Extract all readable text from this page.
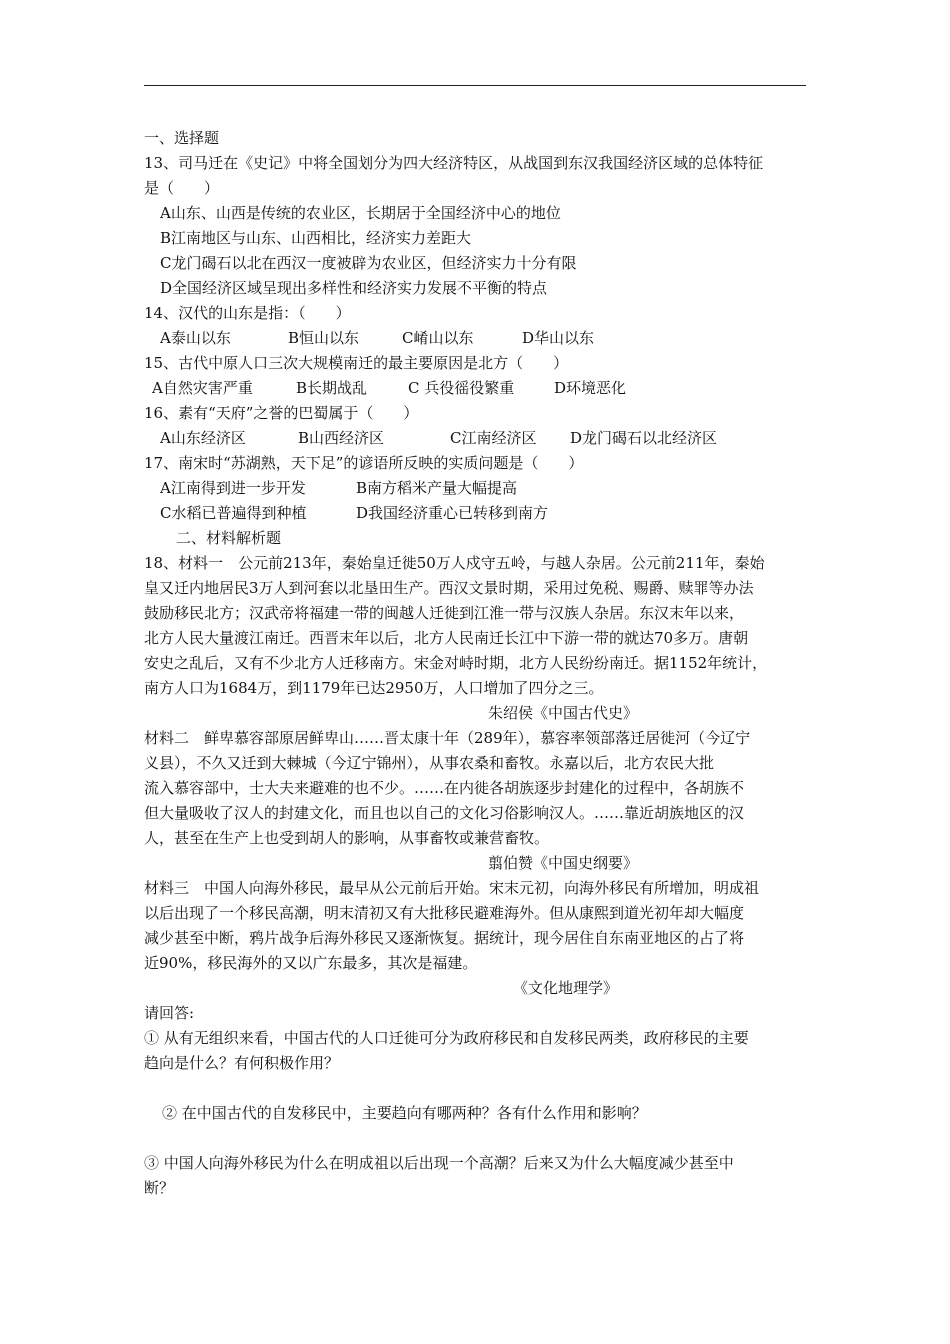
一、选择题
13、司马迁在《史记》中将全国划分为四大经济特区，从战国到东汉我国经济区域的总体特征
是（　　）
A山东、山西是传统的农业区，长期居于全国经济中心的地位
B江南地区与山东、山西相比，经济实力差距大
C龙门碣石以北在西汉一度被辟为农业区，但经济实力十分有限
D全国经济区域呈现出多样性和经济实力发展不平衡的特点
14、汉代的山东是指：（　　）
A泰山以东	B恒山以东	C崤山以东	D华山以东
15、古代中原人口三次大规模南迁的最主要原因是北方（　　）
A自然灾害严重	B长期战乱	C 兵役徭役繁重	D环境恶化
16、素有“天府”之誉的巴蜀属于（　　）
A山东经济区	B山西经济区	C江南经济区 D龙门碣石以北经济区
17、南宋时“苏湖熟，天下足”的谚语所反映的实质问题是（　　）
A江南得到进一步开发	B南方稻米产量大幅提高
C水稻已普遍得到种植	D我国经济重心已转移到南方
二、材料解析题
18、材料一　公元前213年，秦始皇迁徙50万人戍守五岭，与越人杂居。公元前211年，秦始
皇又迁内地居民3万人到河套以北垦田生产。西汉文景时期，采用过免税、赐爵、赎罪等办法
鼓励移民北方；汉武帝将福建一带的闽越人迁徙到江淮一带与汉族人杂居。东汉末年以来，
北方人民大量渡江南迁。西晋末年以后，北方人民南迁长江中下游一带的就达70多万。唐朝
安史之乱后，又有不少北方人迁移南方。宋金对峙时期，北方人民纷纷南迁。据1152年统计，
南方人口为1684万，到1179年已达2950万，人口增加了四分之三。
朱绍侯《中国古代史》
材料二　鲜卑慕容部原居鲜卑山……晋太康十年（289年），慕容率领部落迁居徙河（今辽宁
义县），不久又迁到大棘城（今辽宁锦州），从事农桑和畜牧。永嘉以后，北方农民大批
流入慕容部中，士大夫来避难的也不少。……在内徙各胡族逐步封建化的过程中，各胡族不
但大量吸收了汉人的封建文化，而且也以自己的文化习俗影响汉人。……靠近胡族地区的汉
人，甚至在生产上也受到胡人的影响，从事畜牧或兼营畜牧。
翦伯赞《中国史纲要》
材料三　中国人向海外移民，最早从公元前后开始。宋末元初，向海外移民有所增加，明成祖
以后出现了一个移民高潮，明末清初又有大批移民避难海外。但从康熙到道光初年却大幅度
减少甚至中断，鸦片战争后海外移民又逐渐恢复。据统计，现今居住自东南亚地区的占了将
近90%，移民海外的又以广东最多，其次是福建。
《文化地理学》
请回答:
① 从有无组织来看，中国古代的人口迁徙可分为政府移民和自发移民两类，政府移民的主要
趋向是什么？有何积极作用？
② 在中国古代的自发移民中，主要趋向有哪两种？各有什么作用和影响？
③ 中国人向海外移民为什么在明成祖以后出现一个高潮？后来又为什么大幅度减少甚至中
断？
